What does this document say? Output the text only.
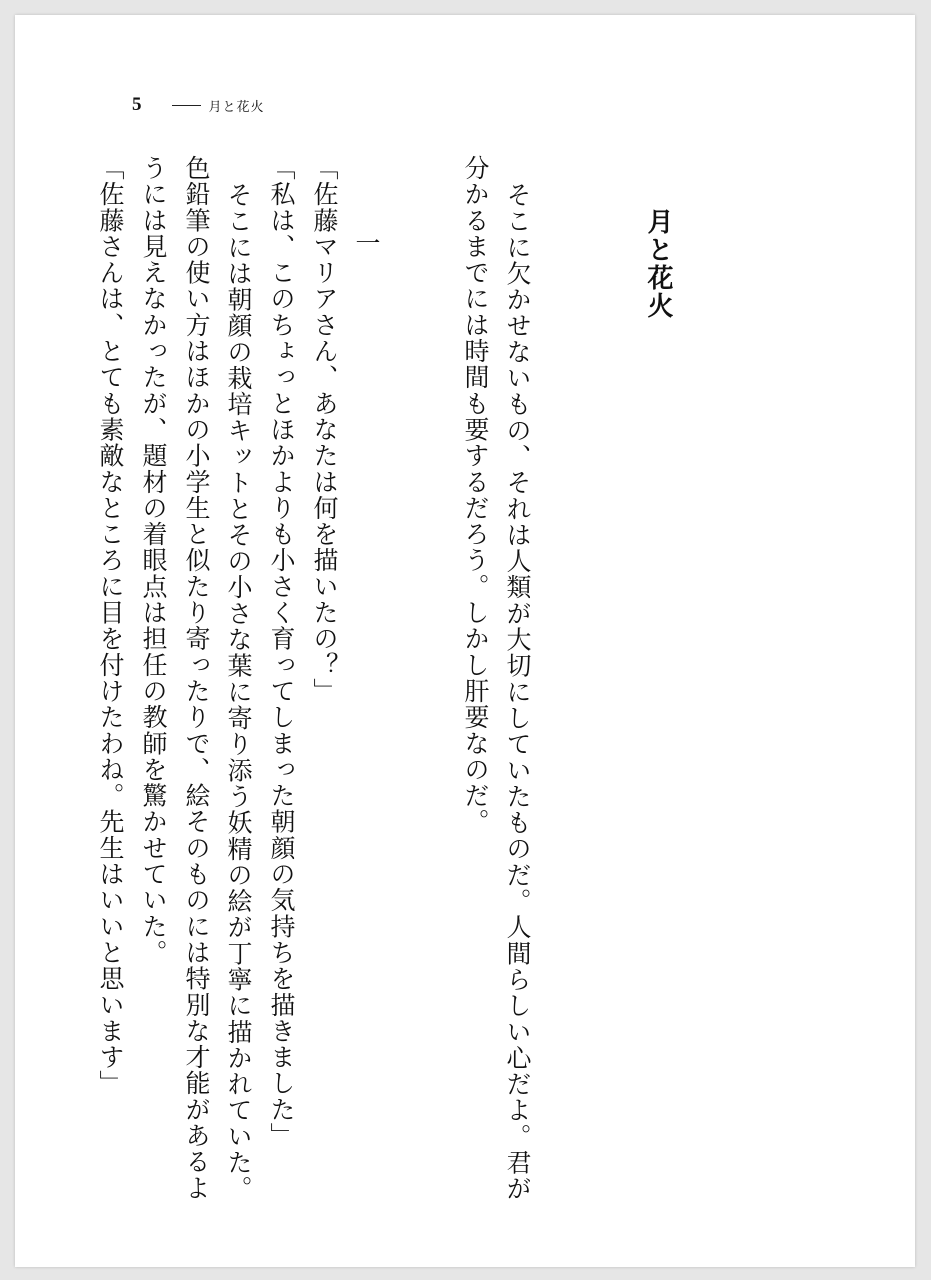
5	月と花火
月と花火
そこに欠かせないもの、それは人類が大切にしていたものだ。人間らしい心だよ。君が
分かるまでには時間も要するだろう。しかし肝要なのだ。
一
「佐藤マリアさん、あなたは何を描いたの？」
「私は、このちょっとほかよりも小さく育ってしまった朝顔の気持ちを描きました」
そこには朝顔の栽培キットとその小さな葉に寄り添う妖精の絵が丁寧に描かれていた。
色鉛筆の使い方はほかの小学生と似たり寄ったりで、絵そのものには特別な才能があるよ
うには見えなかったが、題材の着眼点は担任の教師を驚かせていた。
「佐藤さんは、とても素敵なところに目を付けたわね。先生はいいと思います」
